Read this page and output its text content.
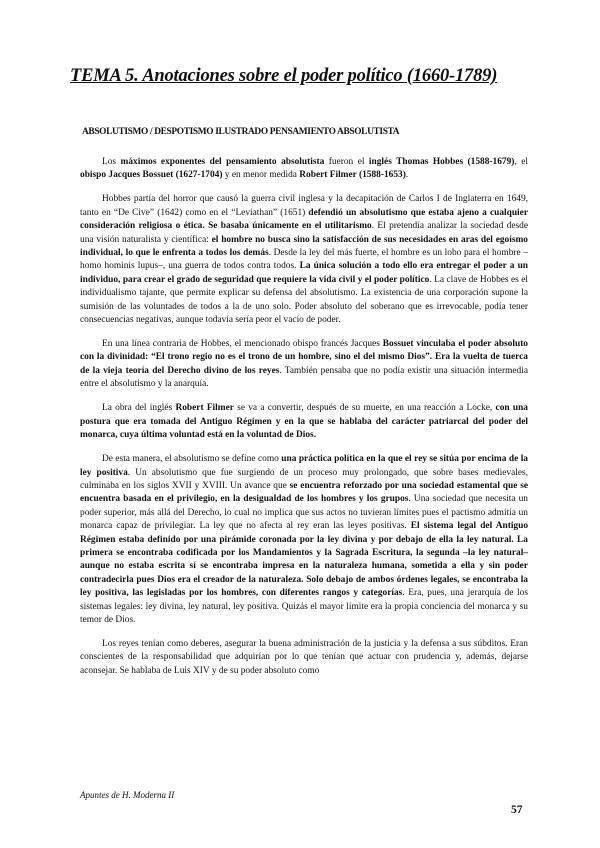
TEMA 5. Anotaciones sobre el poder político (1660-1789)
ABSOLUTISMO / DESPOTISMO ILUSTRADO PENSAMIENTO ABSOLUTISTA

Los máximos exponentes del pensamiento absolutista fueron el inglés Thomas Hobbes (1588-1679), el obispo Jacques Bossuet (1627-1704) y en menor medida Robert Filmer (1588-1653).

Hobbes partía del horror que causó la guerra civil inglesa y la decapitación de Carlos I de Inglaterra en 1649, tanto en “De Cive” (1642) como en el “Leviathan” (1651) defendió un absolutismo que estaba ajeno a cualquier consideración religiosa o ética. Se basaba únicamente en el utilitarismo. El pretendía analizar la sociedad desde una visión naturalista y científica: el hombre no busca sino la satisfacción de sus necesidades en aras del egoísmo individual, lo que le enfrenta a todos los demás. Desde la ley del más fuerte, el hombre es un lobo para el hombre –homo hominis lupus–, una guerra de todos contra todos. La única solución a todo ello era entregar el poder a un individuo, para crear el grado de seguridad que requiere la vida civil y el poder político. La clave de Hobbes es el individualismo tajante, que permite explicar su defensa del absolutismo. La existencia de una corporación supone la sumisión de las voluntades de todos a la de uno solo. Poder absoluto del soberano que es irrevocable, podía tener consecuencias negativas, aunque todavía sería peor el vacío de poder.

En una línea contraria de Hobbes, el mencionado obispo francés Jacques Bossuet vinculaba el poder absoluto con la divinidad: “El trono regio no es el trono de un hombre, sino el del mismo Dios”. Era la vuelta de tuerca de la vieja teoría del Derecho divino de los reyes. También pensaba que no podía existir una situación intermedia entre el absolutismo y la anarquía.

La obra del inglés Robert Filmer se va a convertir, después de su muerte, en una reacción a Locke, con una postura que era tomada del Antiguo Régimen y en la que se hablaba del carácter patriarcal del poder del monarca, cuya última voluntad está en la voluntad de Dios.

De esta manera, el absolutismo se define como una práctica política en la que el rey se sitúa por encima de la ley positiva. Un absolutismo que fue surgiendo de un proceso muy prolongado, que sobre bases medievales, culminaba en los siglos XVII y XVIII. Un avance que se encuentra reforzado por una sociedad estamental que se encuentra basada en el privilegio, en la desigualdad de los hombres y los grupos. Una sociedad que necesita un poder superior, más allá del Derecho, lo cual no implica que sus actos no tuvieran límites pues el pactismo admitía un monarca capaz de privilegiar. La ley que no afecta al rey eran las leyes positivas. El sistema legal del Antiguo Régimen estaba definido por una pirámide coronada por la ley divina y por debajo de ella la ley natural. La primera se encontraba codificada por los Mandamientos y la Sagrada Escritura, la segunda –la ley natural– aunque no estaba escrita sí se encontraba impresa en la naturaleza humana, sometida a ella y sin poder contradecirla pues Dios era el creador de la naturaleza. Solo debajo de ambos órdenes legales, se encontraba la ley positiva, las legisladas por los hombres, con diferentes rangos y categorías. Era, pues, una jerarquía de los sistemas legales: ley divina, ley natural, ley positiva. Quizás el mayor límite era la propia conciencia del monarca y su temor de Dios.

Los reyes tenían como deberes, asegurar la buena administración de la justicia y la defensa a sus súbditos. Eran conscientes de la responsabilidad que adquirían por lo que tenían que actuar con prudencia y, además, dejarse aconsejar. Se hablaba de Luis XIV y de su poder absoluto como

Apuntes de H. Moderna II
57
